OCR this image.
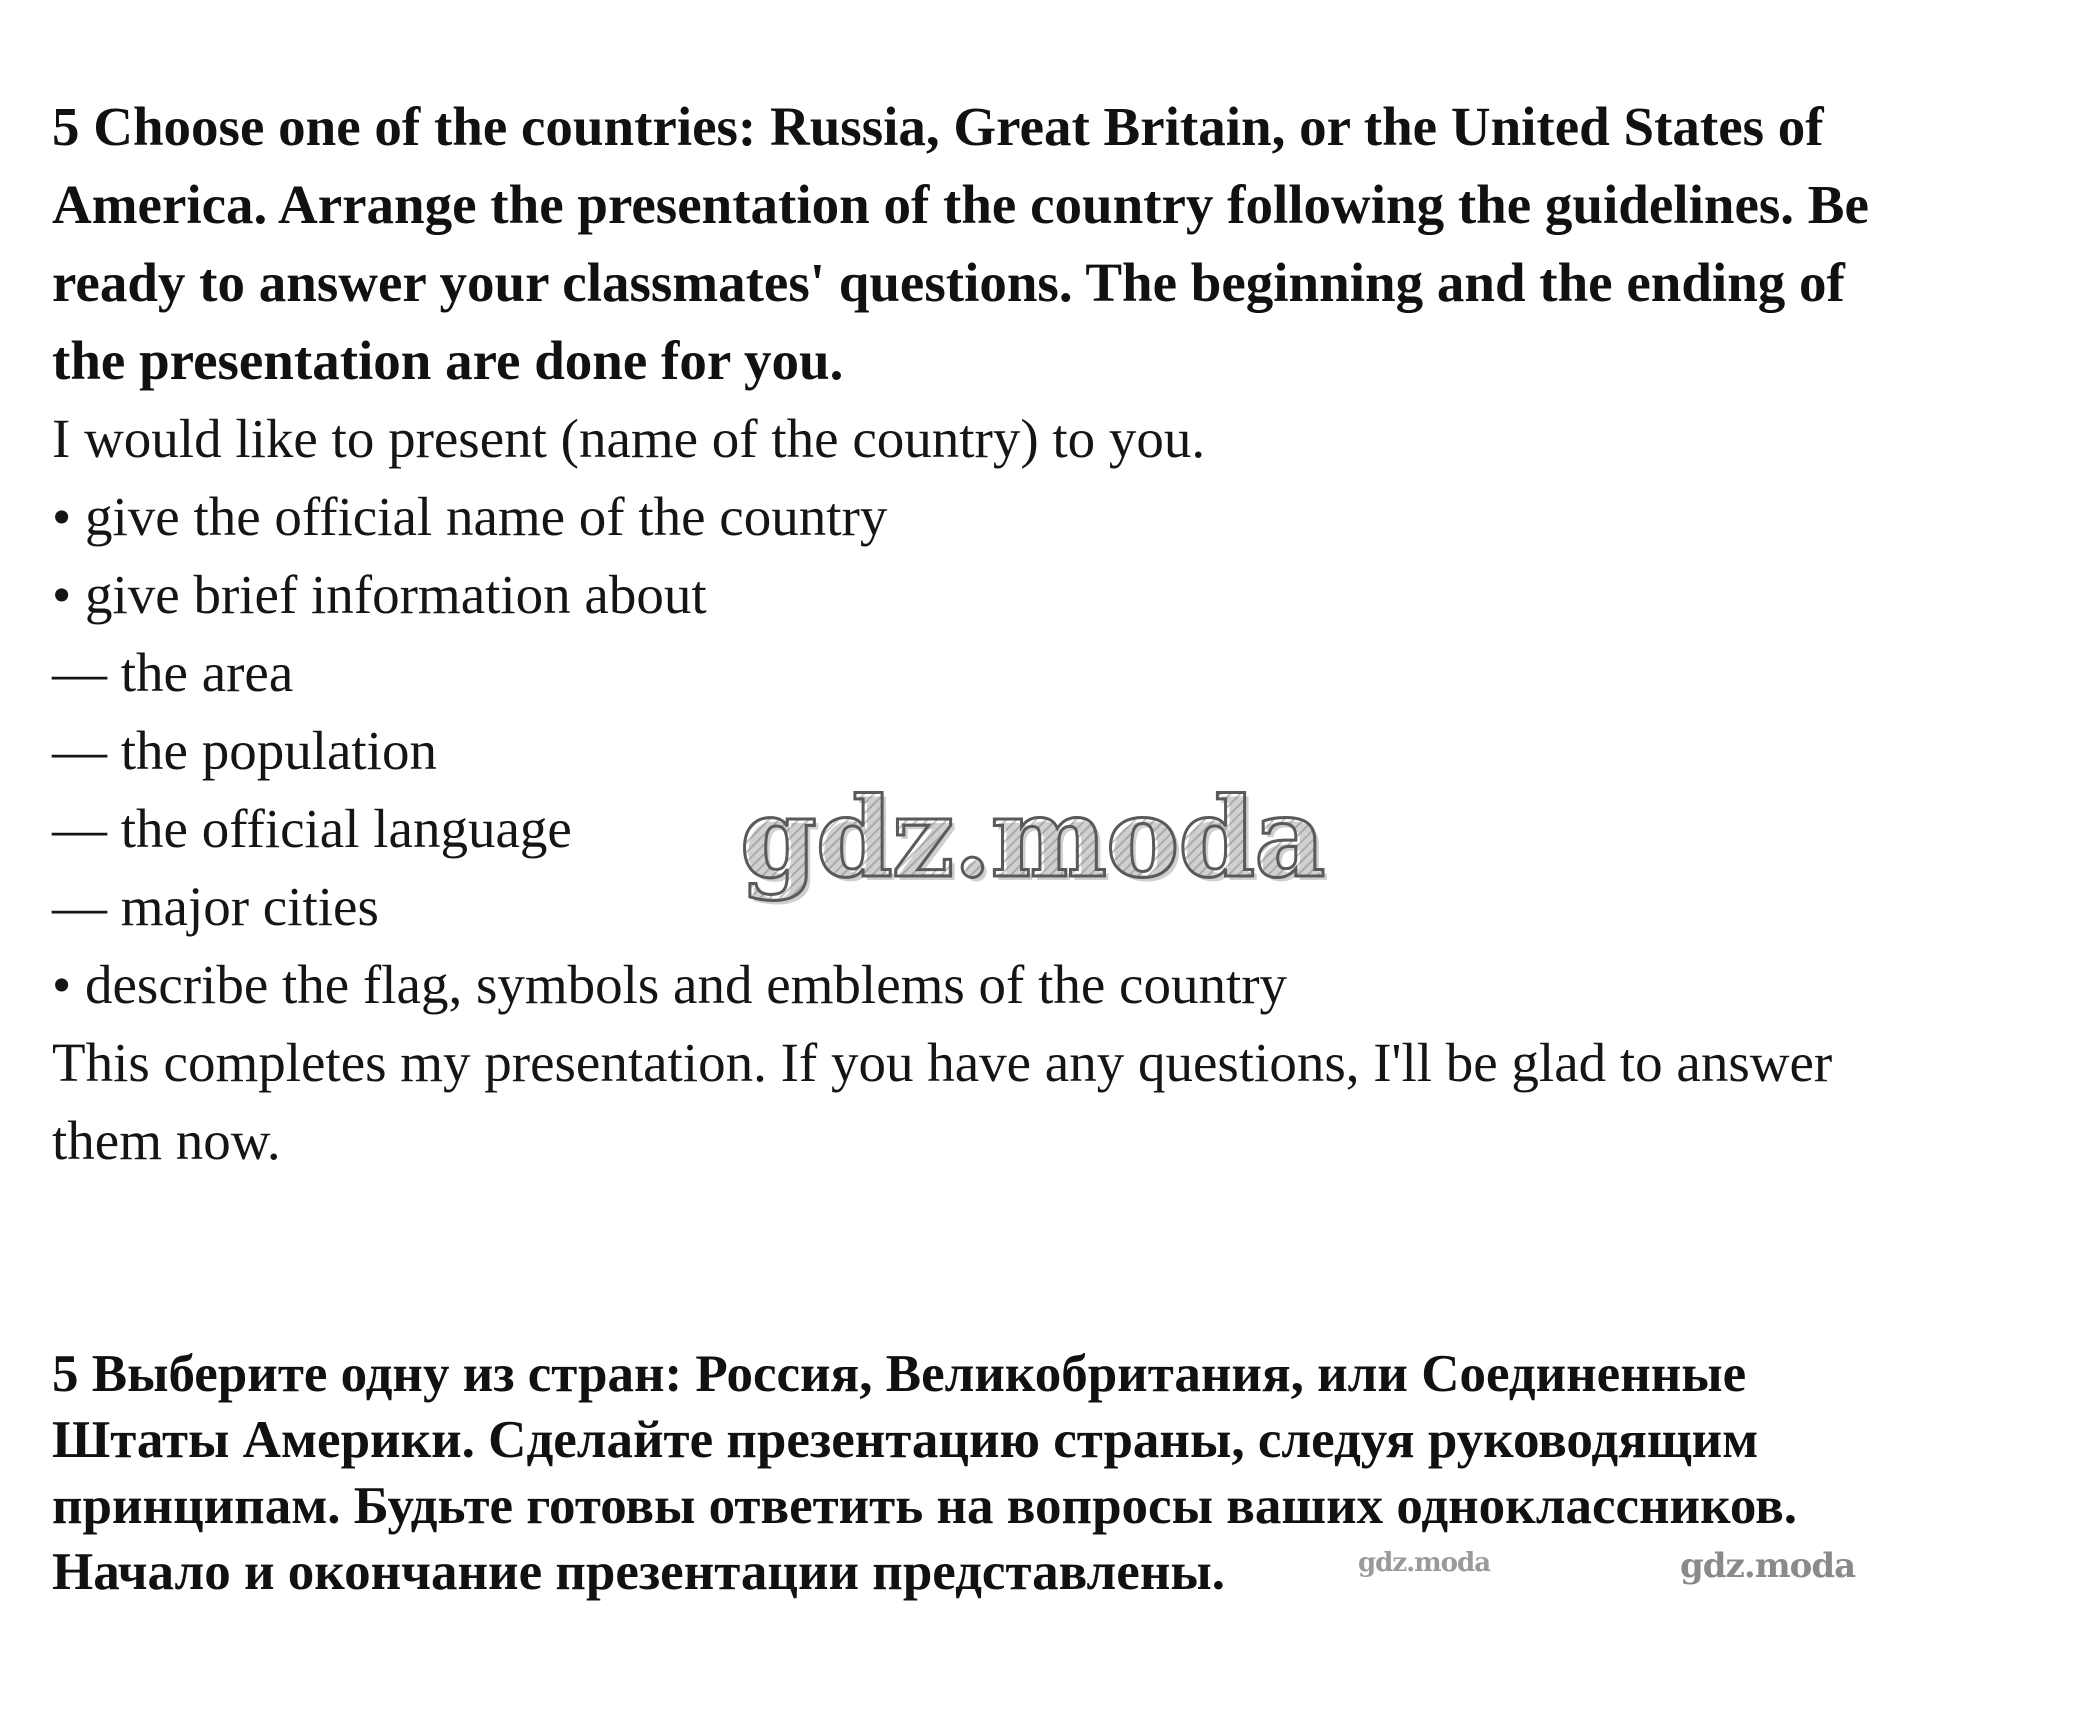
5 Choose one of the countries: Russia, Great Britain, or the United States of
America. Arrange the presentation of the country following the guidelines. Be
ready to answer your classmates' questions. The beginning and the ending of
the presentation are done for you.
I would like to present (name of the country) to you.
• give the official name of the country
• give brief information about
— the area
— the population
— the official language
— major cities
• describe the flag, symbols and emblems of the country
This completes my presentation. If you have any questions, I'll be glad to answer
them now.
5 Выберите одну из стран: Россия, Великобритания, или Соединенные
Штаты Америки. Сделайте презентацию страны, следуя руководящим
принципам. Будьте готовы ответить на вопросы ваших одноклассников.
Начало и окончание презентации представлены.
gdz.moda
gdz.moda	gdz.moda
